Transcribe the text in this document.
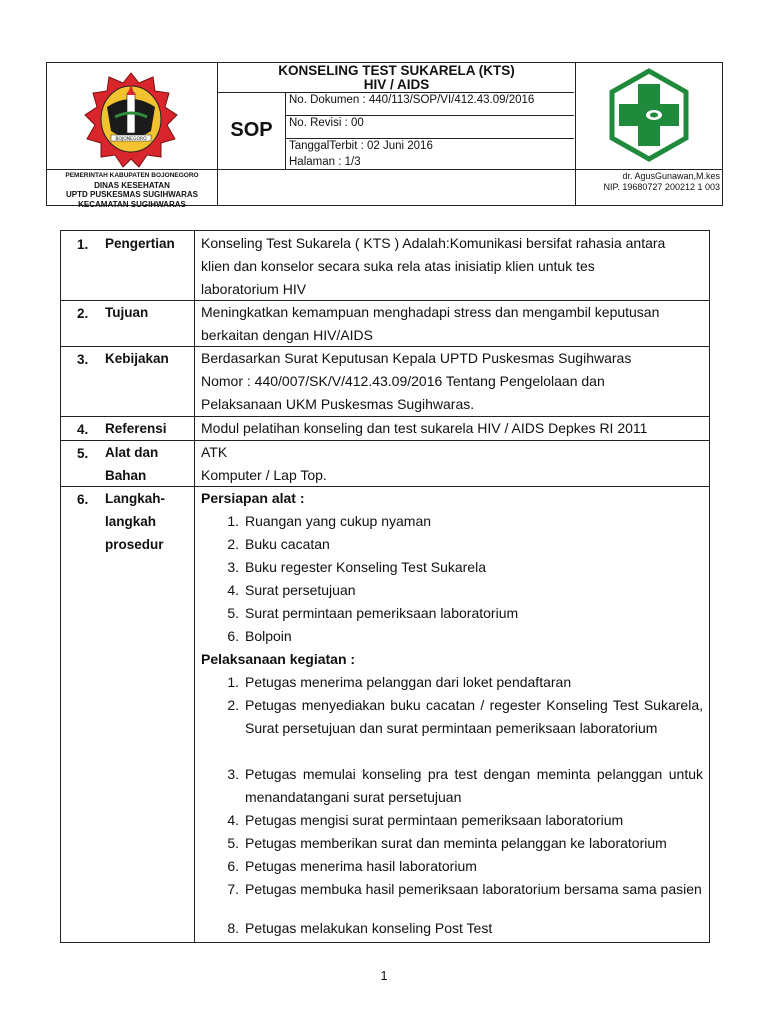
BOJONEGORO
PEMERINTAH KABUPATEN BOJONEGORO
DINAS KESEHATAN
UPTD PUSKESMAS SUGIHWARAS
KECAMATAN SUGIHWARAS
KONSELING TEST SUKARELA (KTS)
HIV / AIDS
SOP
No. Dokumen : 440/113/SOP/VI/412.43.09/2016
No. Revisi : 00
TanggalTerbit : 02 Juni 2016
Halaman : 1/3
dr. AgusGunawan,M.kes
NIP. 19680727 200212 1 003
1. Pengertian Konseling Test Sukarela ( KTS ) Adalah:Komunikasi bersifat rahasia antara
klien dan konselor secara suka rela atas inisiatip klien untuk tes
laboratorium HIV
2. Tujuan	Meningkatkan kemampuan menghadapi stress dan mengambil keputusan
berkaitan dengan HIV/AIDS
3. Kebijakan Berdasarkan Surat Keputusan Kepala UPTD Puskesmas Sugihwaras
Nomor : 440/007/SK/V/412.43.09/2016 Tentang Pengelolaan dan
Pelaksanaan UKM Puskesmas Sugihwaras.
4. Referensi Modul pelatihan konseling dan test sukarela HIV / AIDS Depkes RI 2011
5. Alat dan
Bahan
ATK
Komputer / Lap Top.
6. Langkah-
langkah
prosedur
Persiapan alat :
1. Ruangan yang cukup nyaman
2. Buku cacatan
3. Buku regester Konseling Test Sukarela
4. Surat persetujuan
5. Surat permintaan pemeriksaan laboratorium
6. Bolpoin
Pelaksanaan kegiatan :
1. Petugas menerima pelanggan dari loket pendaftaran
2. Petugas menyediakan buku cacatan / regester Konseling Test Sukarela, Surat persetujuan dan surat permintaan pemeriksaan laboratorium
3. Petugas memulai konseling pra test dengan meminta pelanggan untuk menandatangani surat persetujuan
4. Petugas mengisi surat permintaan pemeriksaan laboratorium
5. Petugas memberikan surat dan meminta pelanggan ke laboratorium
6. Petugas menerima hasil laboratorium
7. Petugas membuka hasil pemeriksaan laboratorium bersama sama pasien
8. Petugas melakukan konseling Post Test
1
